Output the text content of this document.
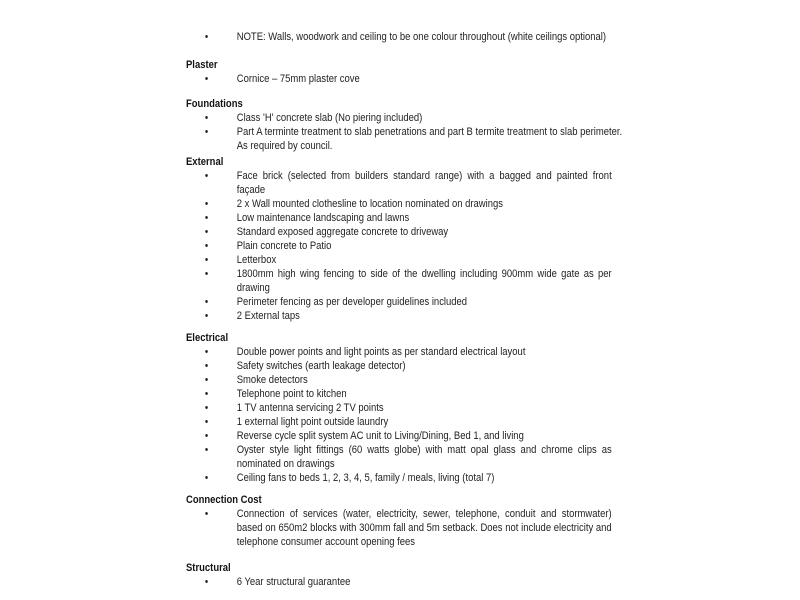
•	NOTE: Walls, woodwork and ceiling to be one colour throughout (white ceilings optional)
Plaster
•	Cornice – 75mm plaster cove
Foundations
•	Class 'H' concrete slab (No piering included)
•	Part A terminte treatment to slab penetrations and part B termite treatment to slab perimeter.
As required by council.
External
•	Face brick (selected from builders standard range) with a bagged and painted front façade
•	2 x Wall mounted clothesline to location nominated on drawings
•	Low maintenance landscaping and lawns
•	Standard exposed aggregate concrete to driveway
•	Plain concrete to Patio
•	Letterbox
•	1800mm high wing fencing to side of the dwelling including 900mm wide gate as per drawing
•	Perimeter fencing as per developer guidelines included
•	2 External taps
Electrical
•	Double power points and light points as per standard electrical layout
•	Safety switches (earth leakage detector)
•	Smoke detectors
•	Telephone point to kitchen
•	1 TV antenna servicing 2 TV points
•	1 external light point outside laundry
•	Reverse cycle split system AC unit to Living/Dining, Bed 1, and living
•	Oyster style light fittings (60 watts globe) with matt opal glass and chrome clips as nominated on drawings
•	Ceiling fans to beds 1, 2, 3, 4, 5, family / meals, living (total 7)
Connection Cost
•	Connection of services (water, electricity, sewer, telephone, conduit and stormwater) based on 650m2 blocks with 300mm fall and 5m setback. Does not include electricity and telephone consumer account opening fees
Structural
•	6 Year structural guarantee
